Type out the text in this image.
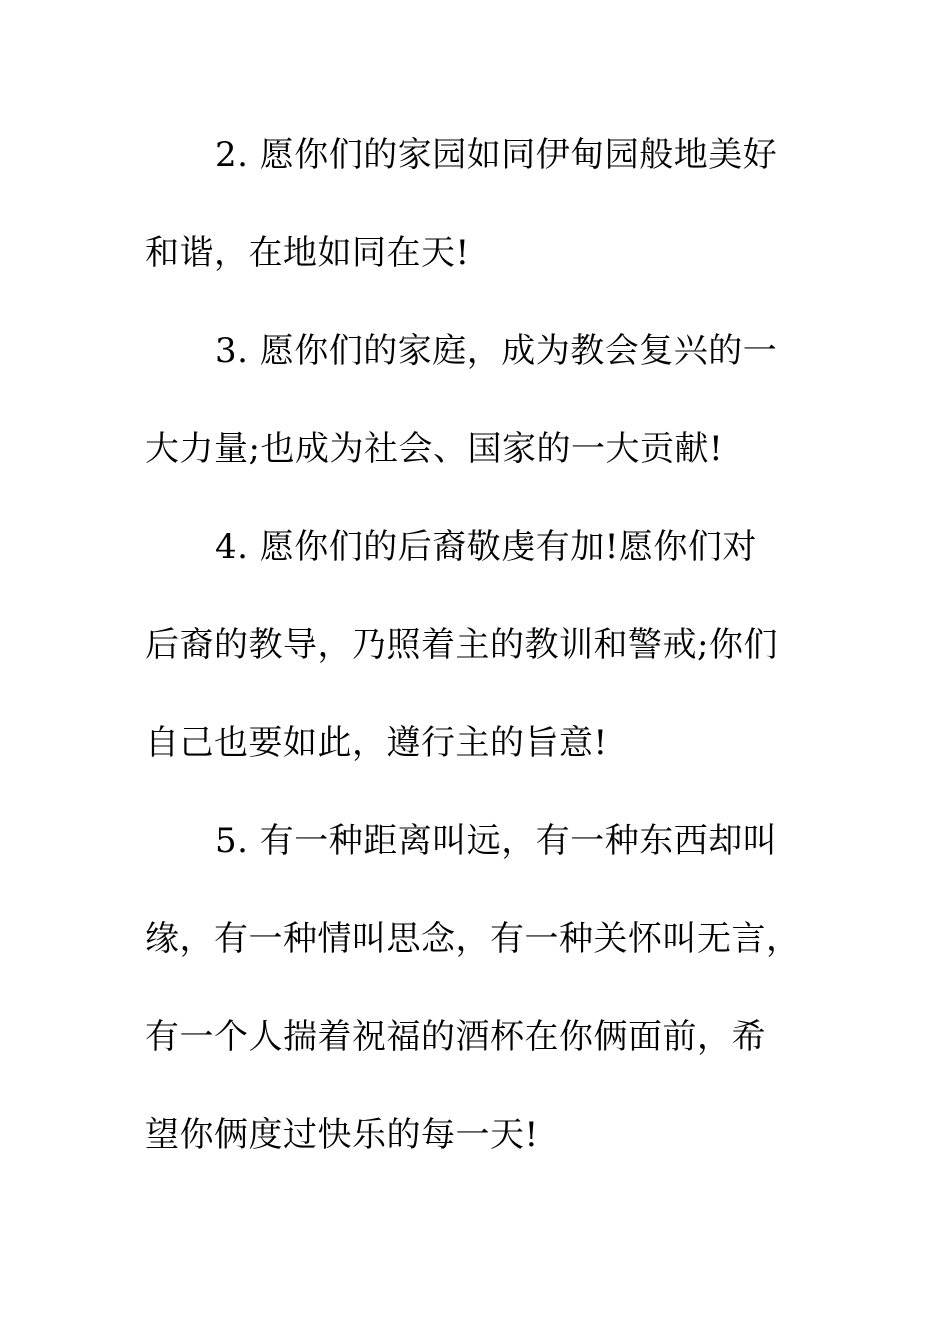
2. 愿你们的家园如同伊甸园般地美好
和谐，在地如同在天!
3. 愿你们的家庭，成为教会复兴的一
大力量;也成为社会、国家的一大贡献!
4. 愿你们的后裔敬虔有加!愿你们对
后裔的教导，乃照着主的教训和警戒;你们
自己也要如此，遵行主的旨意!
5. 有一种距离叫远，有一种东西却叫
缘，有一种情叫思念，有一种关怀叫无言，
有一个人揣着祝福的酒杯在你俩面前，希
望你俩度过快乐的每一天!
